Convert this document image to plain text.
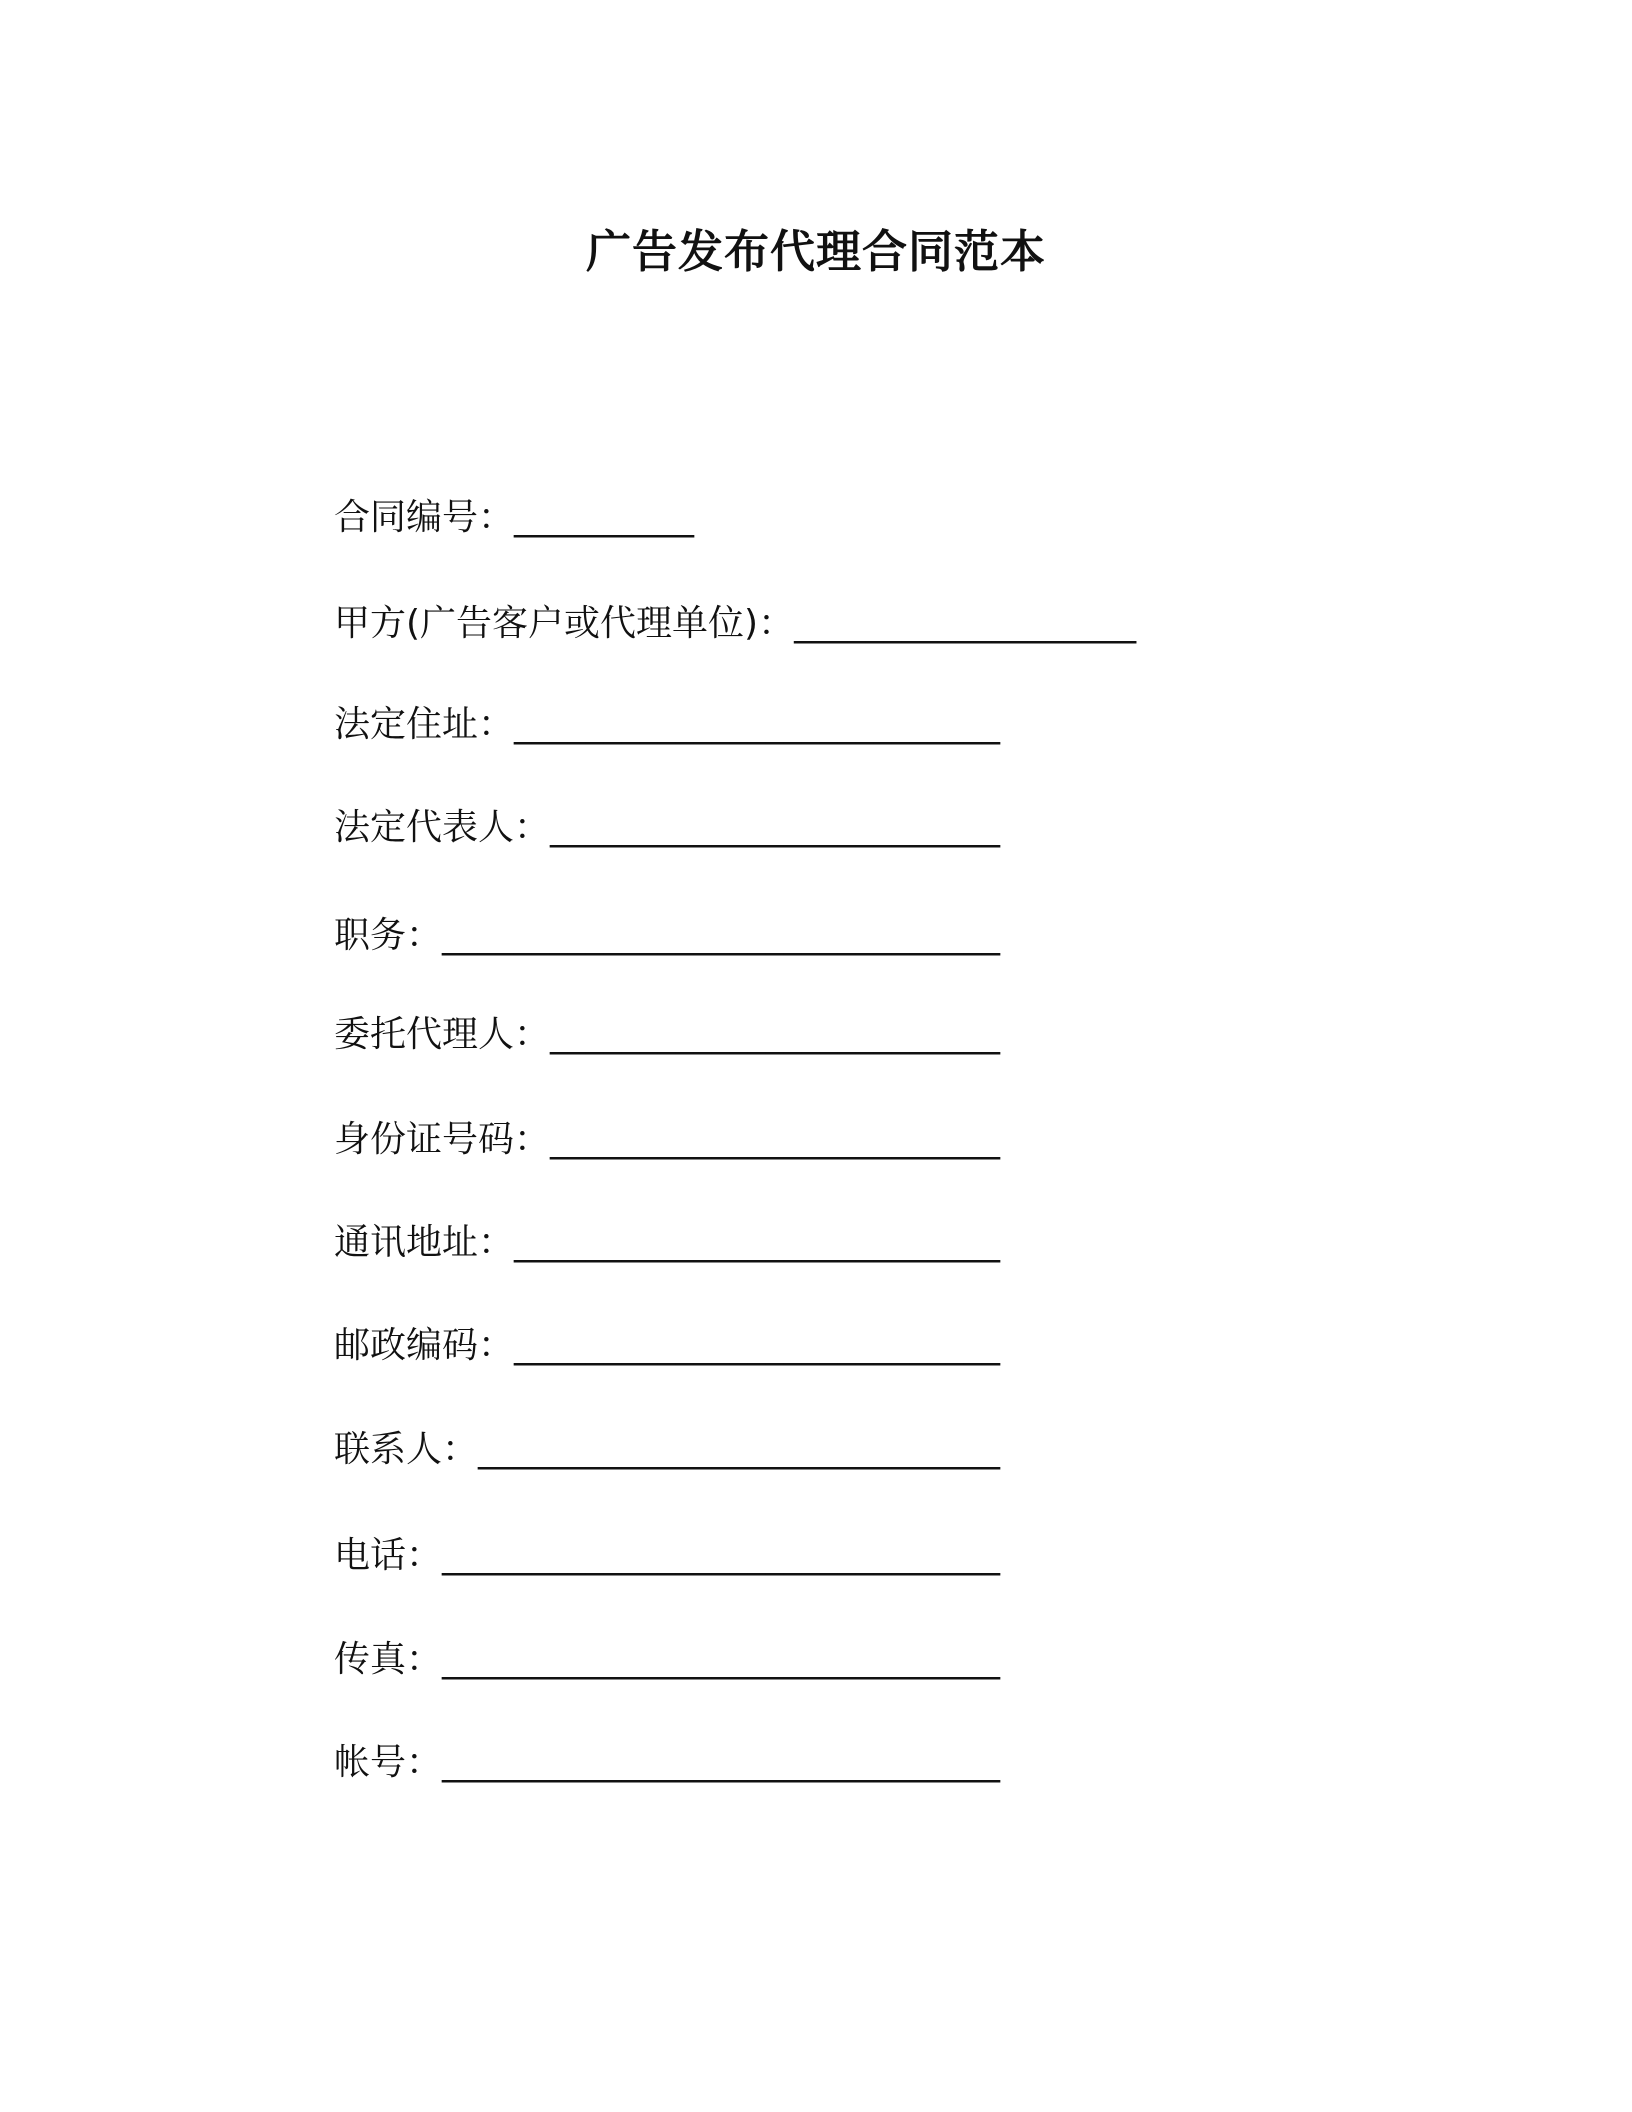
广告发布代理合同范本
合同编号：__________
甲方(广告客户或代理单位)：___________________
法定住址：___________________________
法定代表人：_________________________
职务：_______________________________
委托代理人：_________________________
身份证号码：_________________________
通讯地址：___________________________
邮政编码：___________________________
联系人：_____________________________
电话：_______________________________
传真：_______________________________
帐号：_______________________________
